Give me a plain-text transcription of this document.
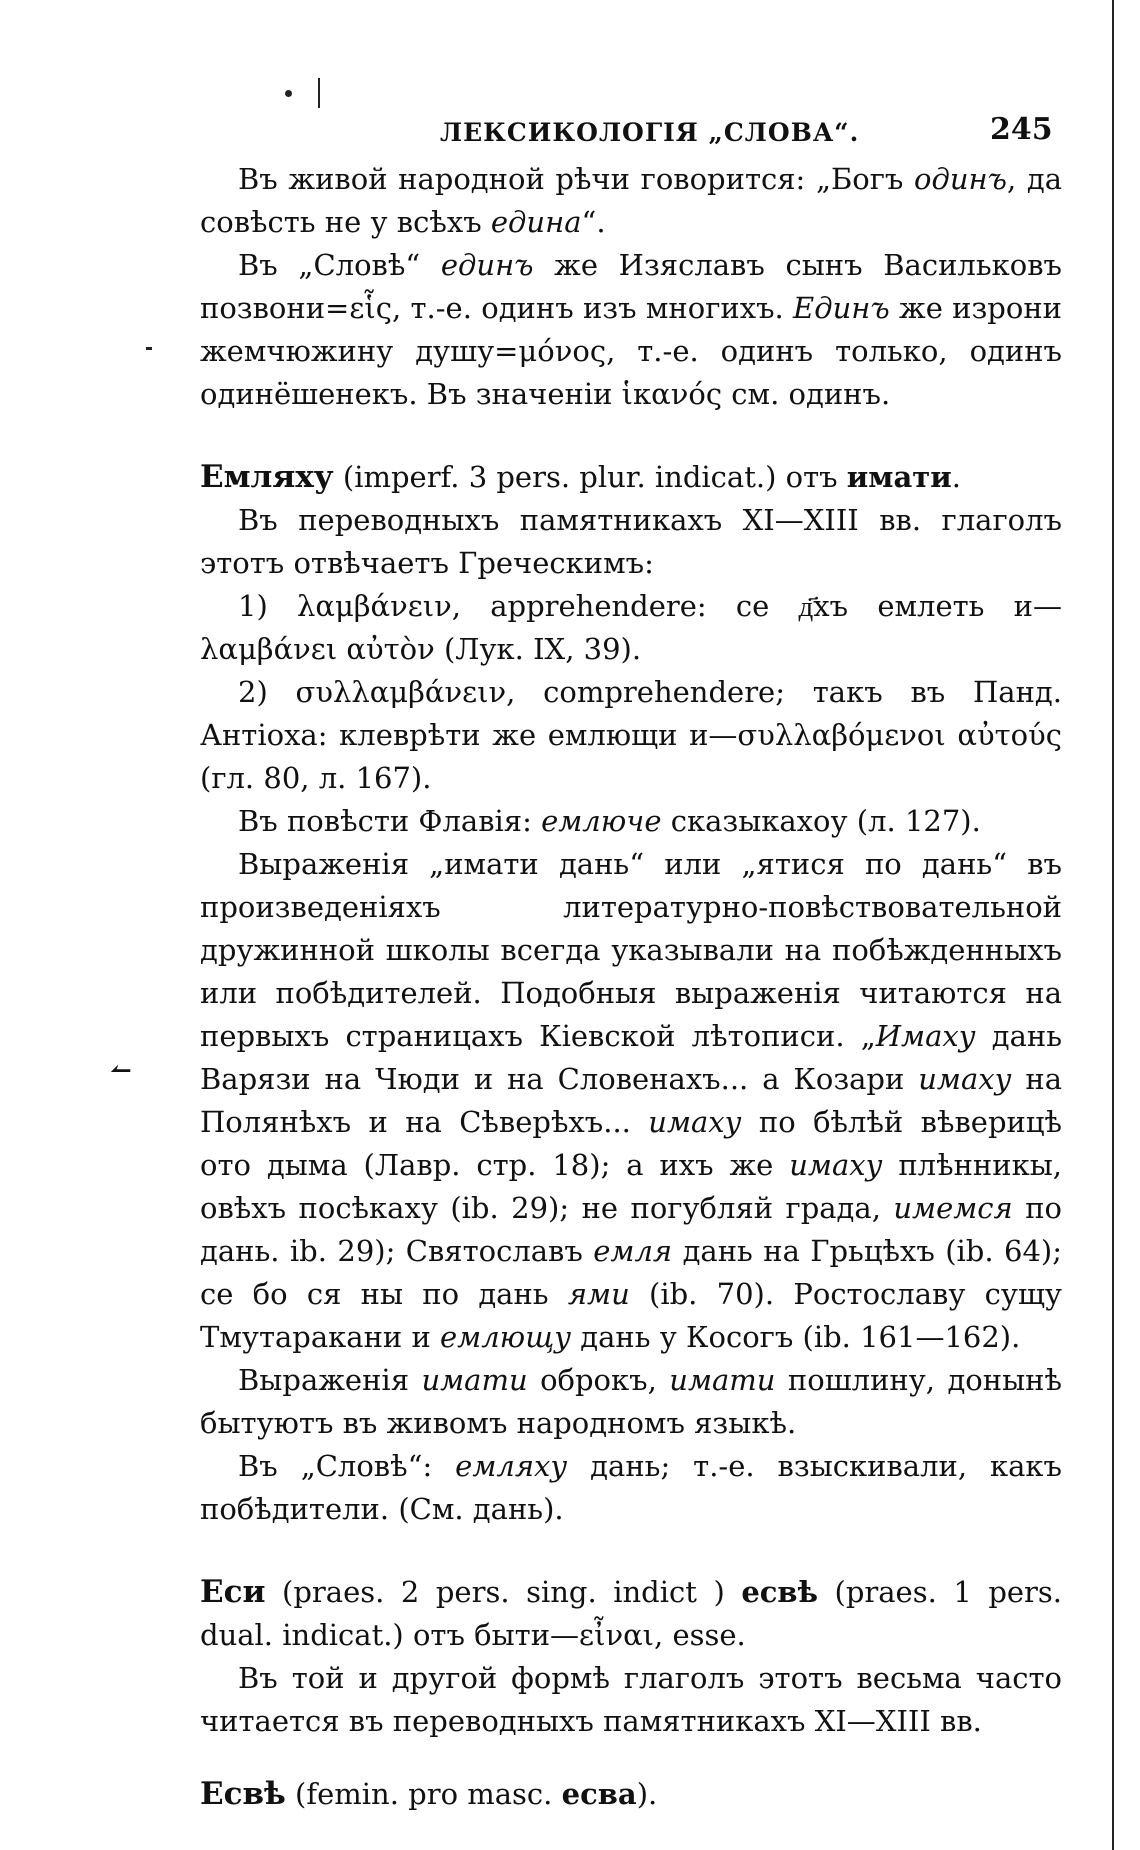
↼
ЛЕКСИКОЛОГІЯ „СЛОВА“.	245

Въ живой народной рѣчи говорится: „Богъ одинъ, да совѣсть не у всѣхъ едина“.

Въ „Словѣ“ единъ же Изяславъ сынъ Васильковъ позвони=εἷς, т.-е. одинъ изъ многихъ. Единъ же изрони жемчюжину душу=μόνος, т.-е. одинъ только, одинъ одинёшенекъ. Въ значеніи ἱκανός см. одинъ.

Емляху (imperf. 3 pers. plur. indicat.) отъ имати.

Въ переводныхъ памятникахъ XI—XIII вв. глаголъ этотъ отвѣчаетъ Греческимъ:

1) λαμβάνειν, apprehendere: се д҃хъ емлеть и—λαμβάνει αὐτὸν (Лук. IX, 39).

2) συλλαμβάνειν, comprehendere; такъ въ Панд. Антіоха: клеврѣти же емлющи и—συλλαβόμενοι αὐτούς (гл. 80, л. 167).

Въ повѣсти Флавія: емлюче сказыкахоу (л. 127).

Выраженія „имати дань“ или „ятися по дань“ въ произведеніяхъ литературно-повѣствовательной дружинной школы всегда указывали на побѣжденныхъ или побѣдителей. Подобныя выраженія читаются на первыхъ страницахъ Кіевской лѣтописи. „Имаху дань Варязи на Чюди и на Словенахъ... а Козари имаху на Полянѣхъ и на Сѣверѣхъ... имаху по бѣлѣй вѣверицѣ ото дыма (Лавр. стр. 18); а ихъ же имаху плѣнникы, овѣхъ посѣкаху (ib. 29); не погубляй града, имемся по дань. ib. 29); Святославъ емля дань на Грьцѣхъ (ib. 64); се бо ся ны по дань ями (ib. 70). Ростославу сущу Тмутаракани и емлющу дань у Косогъ (ib. 161—162).

Выраженія имати оброкъ, имати пошлину, донынѣ бытуютъ въ живомъ народномъ языкѣ.

Въ „Словѣ“: емляху дань; т.-е. взыскивали, какъ побѣдители. (См. дань).

Еси (praes. 2 pers. sing. indict ) есвѣ (praes. 1 pers. dual. indicat.) отъ быти—εἶναι, esse.

Въ той и другой формѣ глаголъ этотъ весьма часто читается въ переводныхъ памятникахъ XI—XIII вв.

Есвѣ (femin. pro masc. есва).
